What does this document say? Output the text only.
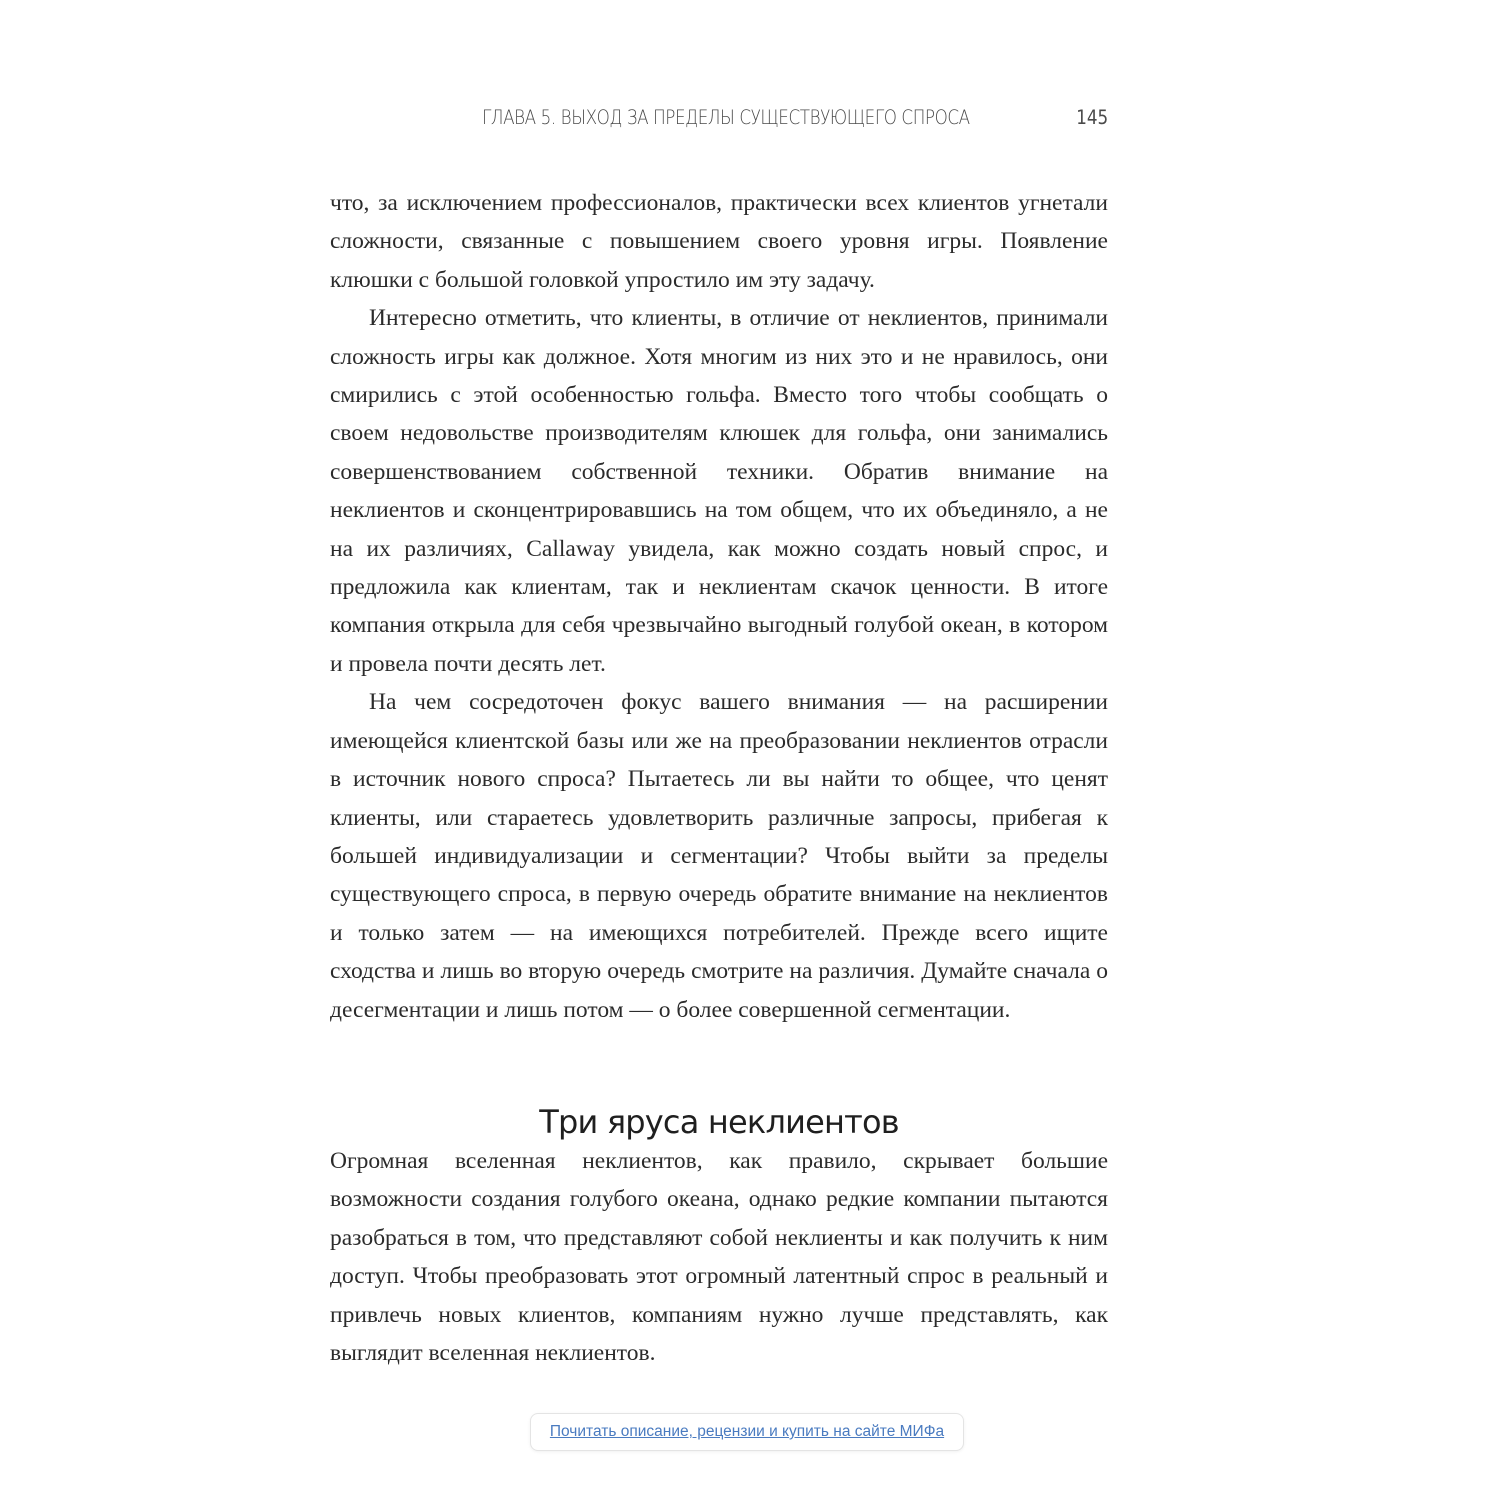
ГЛАВА 5. ВЫХОД ЗА ПРЕДЕЛЫ СУЩЕСТВУЮЩЕГО СПРОСА	145

что, за исключением профессионалов, практически всех клиентов угнетали сложности, связанные с повышением своего уровня игры. Появление клюшки с большой головкой упростило им эту задачу.

Интересно отметить, что клиенты, в отличие от неклиентов, принимали сложность игры как должное. Хотя многим из них это и не нравилось, они смирились с этой особенностью гольфа. Вместо того чтобы сообщать о своем недовольстве производителям клюшек для гольфа, они занимались совершенствованием собственной техники. Обратив внимание на неклиентов и сконцентрировавшись на том общем, что их объединяло, а не на их различиях, Callaway увидела, как можно создать новый спрос, и предложила как клиентам, так и неклиентам скачок ценности. В итоге компания открыла для себя чрезвычайно выгодный голубой океан, в котором и провела почти десять лет.

На чем сосредоточен фокус вашего внимания — на расширении имеющейся клиентской базы или же на преобразовании неклиентов отрасли в источник нового спроса? Пытаетесь ли вы найти то общее, что ценят клиенты, или стараетесь удовлетворить различные запросы, прибегая к большей индивидуализации и сегментации? Чтобы выйти за пределы существующего спроса, в первую очередь обратите внимание на неклиентов и только затем — на имеющихся потребителей. Прежде всего ищите сходства и лишь во вторую очередь смотрите на различия. Думайте сначала о десегментации и лишь потом — о более совершенной сегментации.

Три яруса неклиентов

Огромная вселенная неклиентов, как правило, скрывает большие возможности создания голубого океана, однако редкие компании пытаются разобраться в том, что представляют собой неклиенты и как получить к ним доступ. Чтобы преобразовать этот огромный латентный спрос в реальный и привлечь новых клиентов, компаниям нужно лучше представлять, как выглядит вселенная неклиентов.

Почитать описание, рецензии и купить на сайте МИФа
